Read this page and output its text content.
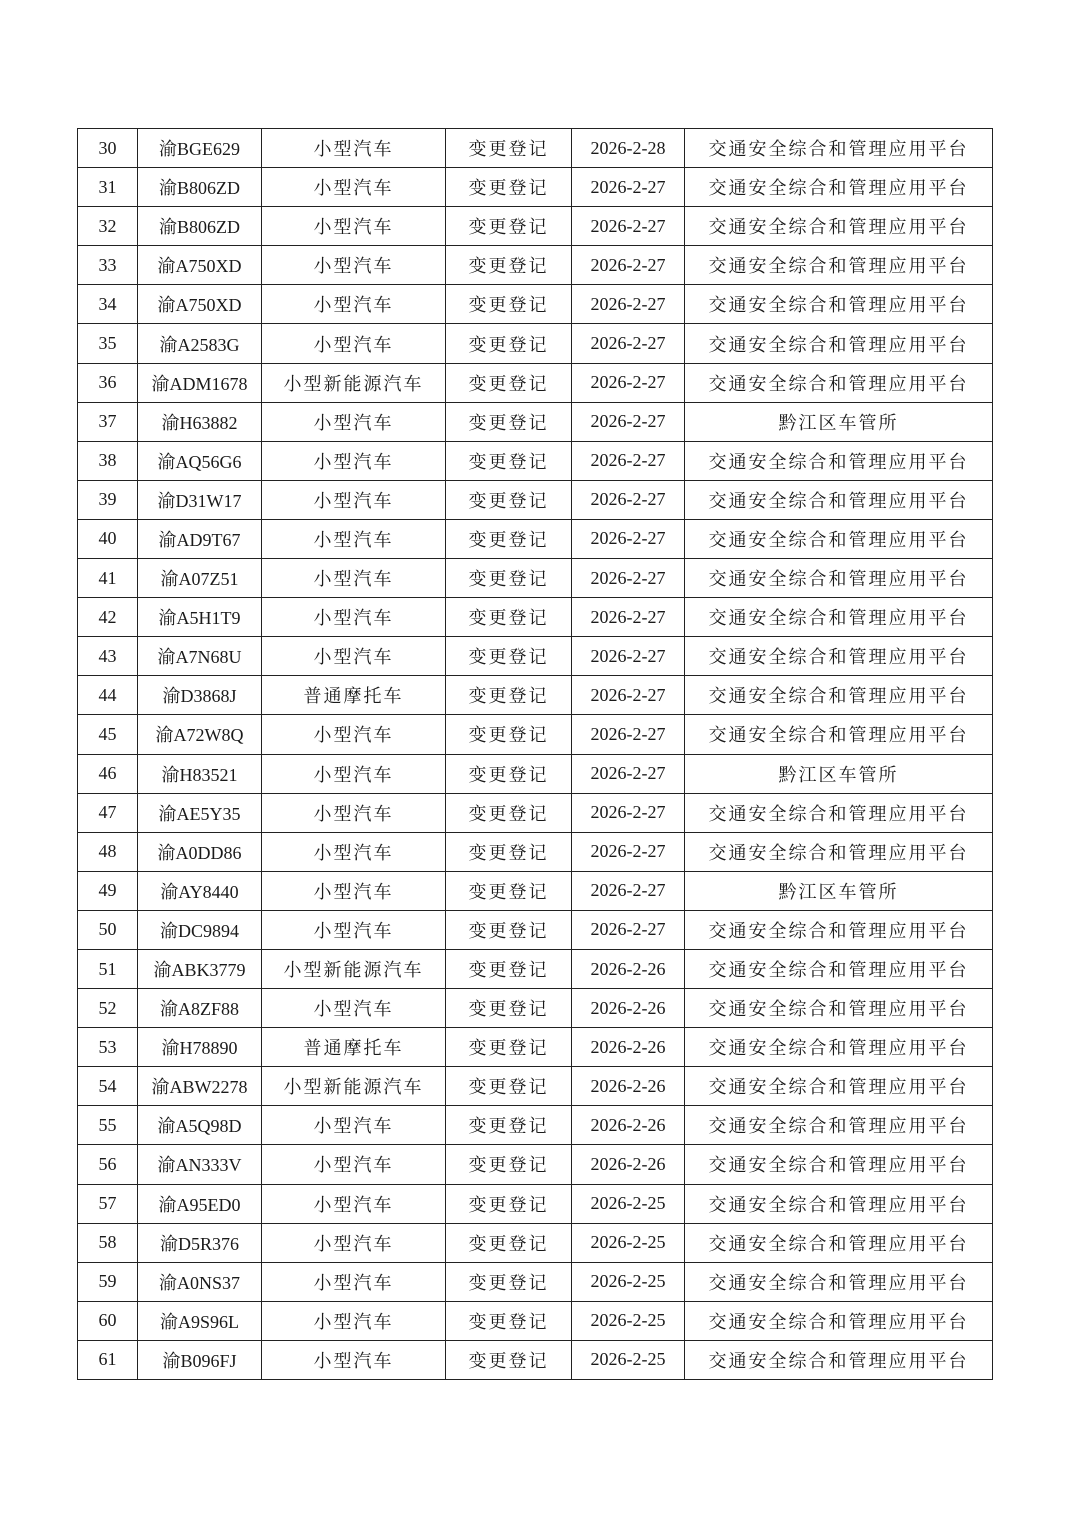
30	渝BGE629	小型汽车	变更登记	2026-2-28	交通安全综合和管理应用平台
31	渝B806ZD	小型汽车	变更登记	2026-2-27	交通安全综合和管理应用平台
32	渝B806ZD	小型汽车	变更登记	2026-2-27	交通安全综合和管理应用平台
33	渝A750XD	小型汽车	变更登记	2026-2-27	交通安全综合和管理应用平台
34	渝A750XD	小型汽车	变更登记	2026-2-27	交通安全综合和管理应用平台
35	渝A2583G	小型汽车	变更登记	2026-2-27	交通安全综合和管理应用平台
36	渝ADM1678	小型新能源汽车	变更登记	2026-2-27	交通安全综合和管理应用平台
37	渝H63882	小型汽车	变更登记	2026-2-27	黔江区车管所
38	渝AQ56G6	小型汽车	变更登记	2026-2-27	交通安全综合和管理应用平台
39	渝D31W17	小型汽车	变更登记	2026-2-27	交通安全综合和管理应用平台
40	渝AD9T67	小型汽车	变更登记	2026-2-27	交通安全综合和管理应用平台
41	渝A07Z51	小型汽车	变更登记	2026-2-27	交通安全综合和管理应用平台
42	渝A5H1T9	小型汽车	变更登记	2026-2-27	交通安全综合和管理应用平台
43	渝A7N68U	小型汽车	变更登记	2026-2-27	交通安全综合和管理应用平台
44	渝D3868J	普通摩托车	变更登记	2026-2-27	交通安全综合和管理应用平台
45	渝A72W8Q	小型汽车	变更登记	2026-2-27	交通安全综合和管理应用平台
46	渝H83521	小型汽车	变更登记	2026-2-27	黔江区车管所
47	渝AE5Y35	小型汽车	变更登记	2026-2-27	交通安全综合和管理应用平台
48	渝A0DD86	小型汽车	变更登记	2026-2-27	交通安全综合和管理应用平台
49	渝AY8440	小型汽车	变更登记	2026-2-27	黔江区车管所
50	渝DC9894	小型汽车	变更登记	2026-2-27	交通安全综合和管理应用平台
51	渝ABK3779	小型新能源汽车	变更登记	2026-2-26	交通安全综合和管理应用平台
52	渝A8ZF88	小型汽车	变更登记	2026-2-26	交通安全综合和管理应用平台
53	渝H78890	普通摩托车	变更登记	2026-2-26	交通安全综合和管理应用平台
54	渝ABW2278	小型新能源汽车	变更登记	2026-2-26	交通安全综合和管理应用平台
55	渝A5Q98D	小型汽车	变更登记	2026-2-26	交通安全综合和管理应用平台
56	渝AN333V	小型汽车	变更登记	2026-2-26	交通安全综合和管理应用平台
57	渝A95ED0	小型汽车	变更登记	2026-2-25	交通安全综合和管理应用平台
58	渝D5R376	小型汽车	变更登记	2026-2-25	交通安全综合和管理应用平台
59	渝A0NS37	小型汽车	变更登记	2026-2-25	交通安全综合和管理应用平台
60	渝A9S96L	小型汽车	变更登记	2026-2-25	交通安全综合和管理应用平台
61	渝B096FJ	小型汽车	变更登记	2026-2-25	交通安全综合和管理应用平台
